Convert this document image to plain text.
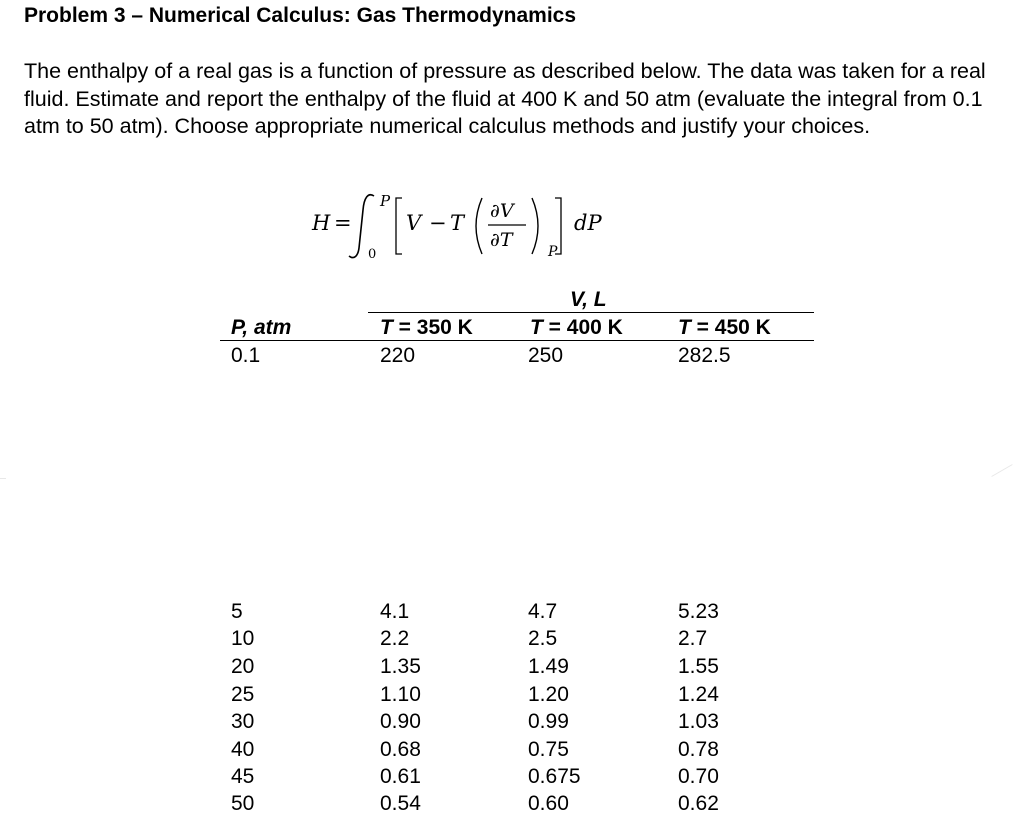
Problem 3 – Numerical Calculus: Gas Thermodynamics
The enthalpy of a real gas is a function of pressure as described below. The data was taken for a real fluid. Estimate and report the enthalpy of the fluid at 400 K and 50 atm (evaluate the integral from 0.1 atm to 50 atm). Choose appropriate numerical calculus methods and justify your choices.
H =
P
0
V − T ∂V
∂T
P
dP
V, L
P, atm	T = 350 K	T = 400 K	T = 450 K
0.1	220	250	282.5
5	4.1	4.7	5.23
10	2.2	2.5	2.7
20	1.35	1.49	1.55
25	1.10	1.20	1.24
30	0.90	0.99	1.03
40	0.68	0.75	0.78
45	0.61	0.675	0.70
50	0.54	0.60	0.62
